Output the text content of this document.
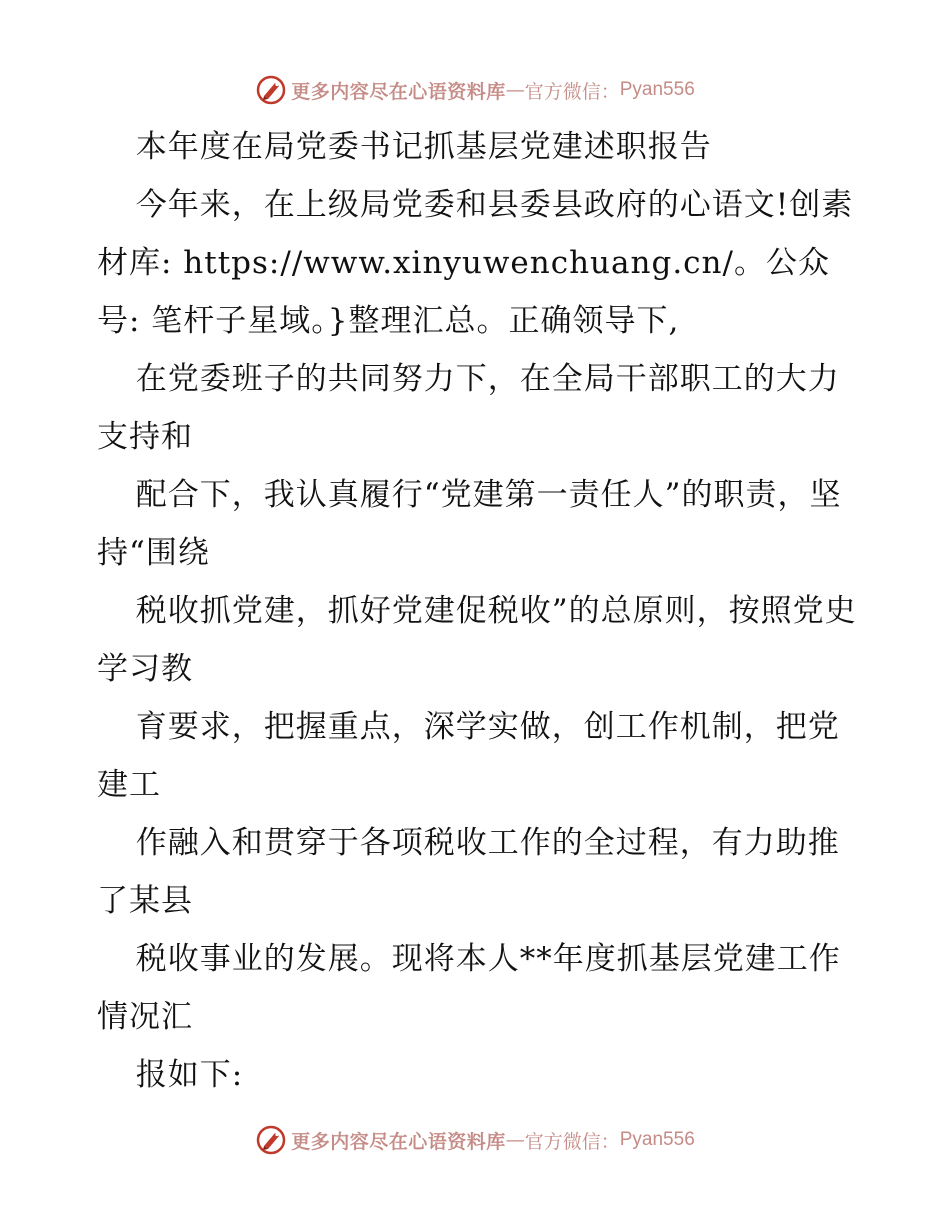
更多内容尽在心语资料库 — 官方微信： Pyan556

本年度在局党委书记抓基层党建述职报告

今年来，在上级局党委和县委县政府的心语文!创素材库: https://www.xinyuwenchuang.cn/。公众号: 笔杆子星域。}整理汇总。正确领导下,

在党委班子的共同努力下，在全局干部职工的大力支持和

配合下，我认真履行“党建第一责任人”的职责，坚持“围绕

税收抓党建，抓好党建促税收”的总原则，按照党史学习教

育要求，把握重点，深学实做，创工作机制，把党建工

作融入和贯穿于各项税收工作的全过程，有力助推了某县

税收事业的发展。现将本人**年度抓基层党建工作情况汇

报如下:

更多内容尽在心语资料库 — 官方微信： Pyan556
